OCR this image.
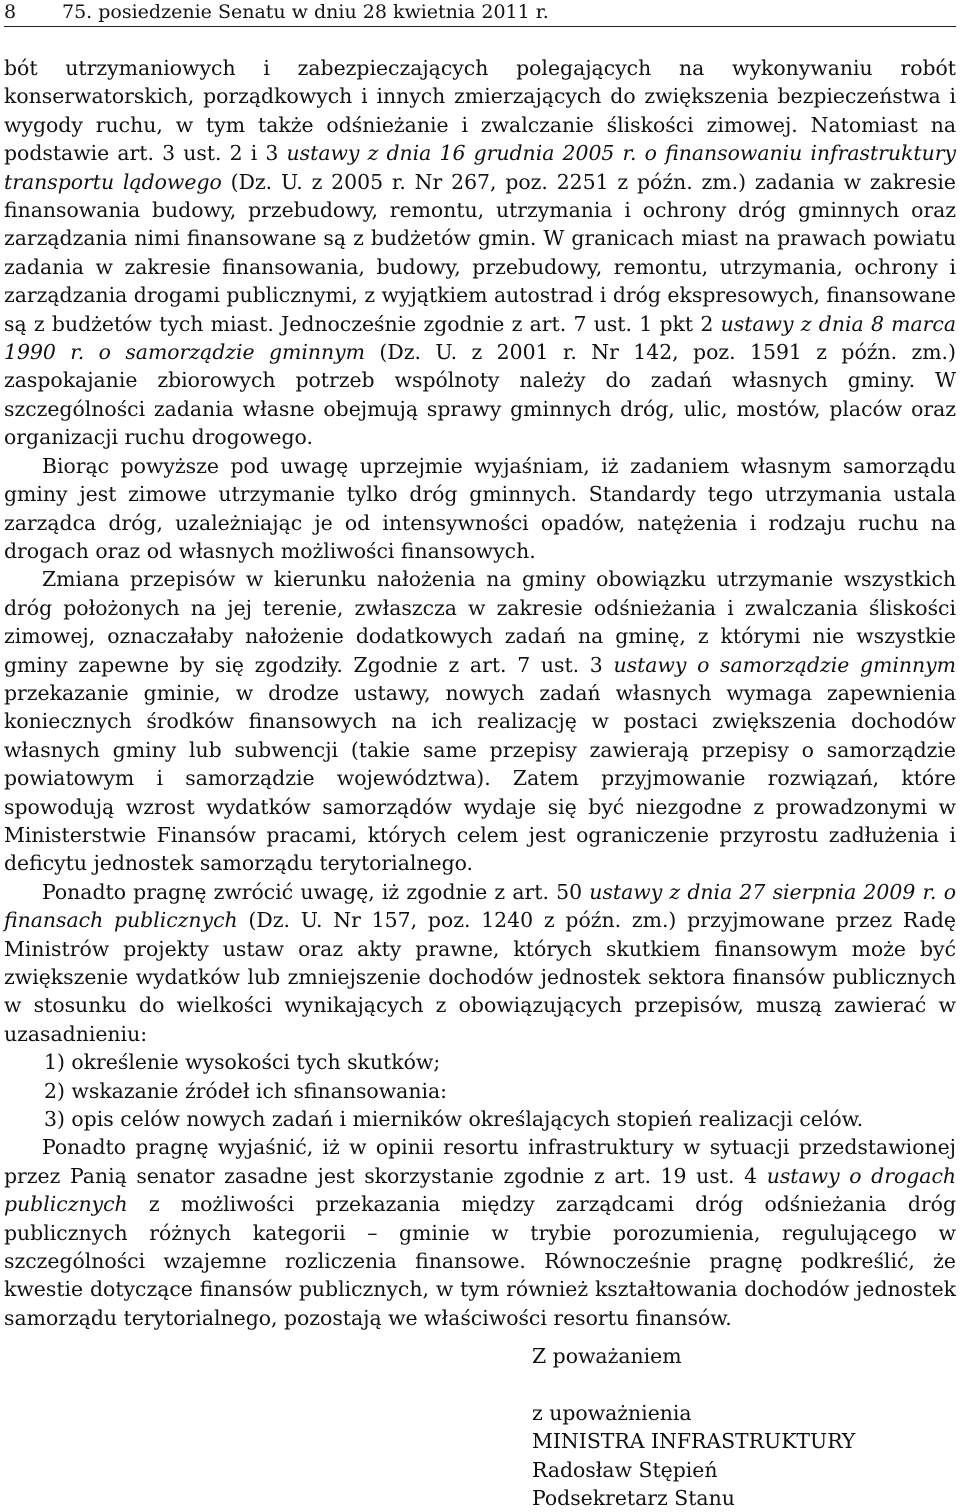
8 75. posiedzenie Senatu w dniu 28 kwietnia 2011 r.

bót utrzymaniowych i zabezpieczających polegających na wykonywaniu robót konserwatorskich, porządkowych i innych zmierzających do zwiększenia bezpieczeństwa i wygody ruchu, w tym także odśnieżanie i zwalczanie śliskości zimowej. Natomiast na podstawie art. 3 ust. 2 i 3 ustawy z dnia 16 grudnia 2005 r. o finansowaniu infrastruktury transportu lądowego (Dz. U. z 2005 r. Nr 267, poz. 2251 z późn. zm.) zadania w zakresie finansowania budowy, przebudowy, remontu, utrzymania i ochrony dróg gminnych oraz zarządzania nimi finansowane są z budżetów gmin. W granicach miast na prawach powiatu zadania w zakresie finansowania, budowy, przebudowy, remontu, utrzymania, ochrony i zarządzania drogami publicznymi, z wyjątkiem autostrad i dróg ekspresowych, finansowane są z budżetów tych miast. Jednocześnie zgodnie z art. 7 ust. 1 pkt 2 ustawy z dnia 8 marca 1990 r. o samorządzie gminnym (Dz. U. z 2001 r. Nr 142, poz. 1591 z późn. zm.) zaspokajanie zbiorowych potrzeb wspólnoty należy do zadań własnych gminy. W szczególności zadania własne obejmują sprawy gminnych dróg, ulic, mostów, placów oraz organizacji ruchu drogowego.

Biorąc powyższe pod uwagę uprzejmie wyjaśniam, iż zadaniem własnym samorządu gminy jest zimowe utrzymanie tylko dróg gminnych. Standardy tego utrzymania ustala zarządca dróg, uzależniając je od intensywności opadów, natężenia i rodzaju ruchu na drogach oraz od własnych możliwości finansowych.

Zmiana przepisów w kierunku nałożenia na gminy obowiązku utrzymanie wszystkich dróg położonych na jej terenie, zwłaszcza w zakresie odśnieżania i zwalczania śliskości zimowej, oznaczałaby nałożenie dodatkowych zadań na gminę, z którymi nie wszystkie gminy zapewne by się zgodziły. Zgodnie z art. 7 ust. 3 ustawy o samorządzie gminnym przekazanie gminie, w drodze ustawy, nowych zadań własnych wymaga zapewnienia koniecznych środków finansowych na ich realizację w postaci zwiększenia dochodów własnych gminy lub subwencji (takie same przepisy zawierają przepisy o samorządzie powiatowym i samorządzie województwa). Zatem przyjmowanie rozwiązań, które spowodują wzrost wydatków samorządów wydaje się być niezgodne z prowadzonymi w Ministerstwie Finansów pracami, których celem jest ograniczenie przyrostu zadłużenia i deficytu jednostek samorządu terytorialnego.

Ponadto pragnę zwrócić uwagę, iż zgodnie z art. 50 ustawy z dnia 27 sierpnia 2009 r. o finansach publicznych (Dz. U. Nr 157, poz. 1240 z późn. zm.) przyjmowane przez Radę Ministrów projekty ustaw oraz akty prawne, których skutkiem finansowym może być zwiększenie wydatków lub zmniejszenie dochodów jednostek sektora finansów publicznych w stosunku do wielkości wynikających z obowiązujących przepisów, muszą zawierać w uzasadnieniu:

1) określenie wysokości tych skutków;
2) wskazanie źródeł ich sfinansowania:
3) opis celów nowych zadań i mierników określających stopień realizacji celów.

Ponadto pragnę wyjaśnić, iż w opinii resortu infrastruktury w sytuacji przedstawionej przez Panią senator zasadne jest skorzystanie zgodnie z art. 19 ust. 4 ustawy o drogach publicznych z możliwości przekazania między zarządcami dróg odśnieżania dróg publicznych różnych kategorii – gminie w trybie porozumienia, regulującego w szczególności wzajemne rozliczenia finansowe. Równocześnie pragnę podkreślić, że kwestie dotyczące finansów publicznych, w tym również kształtowania dochodów jednostek samorządu terytorialnego, pozostają we właściwości resortu finansów.

Z poważaniem
z upoważnienia
MINISTRA INFRASTRUKTURY
Radosław Stępień
Podsekretarz Stanu
